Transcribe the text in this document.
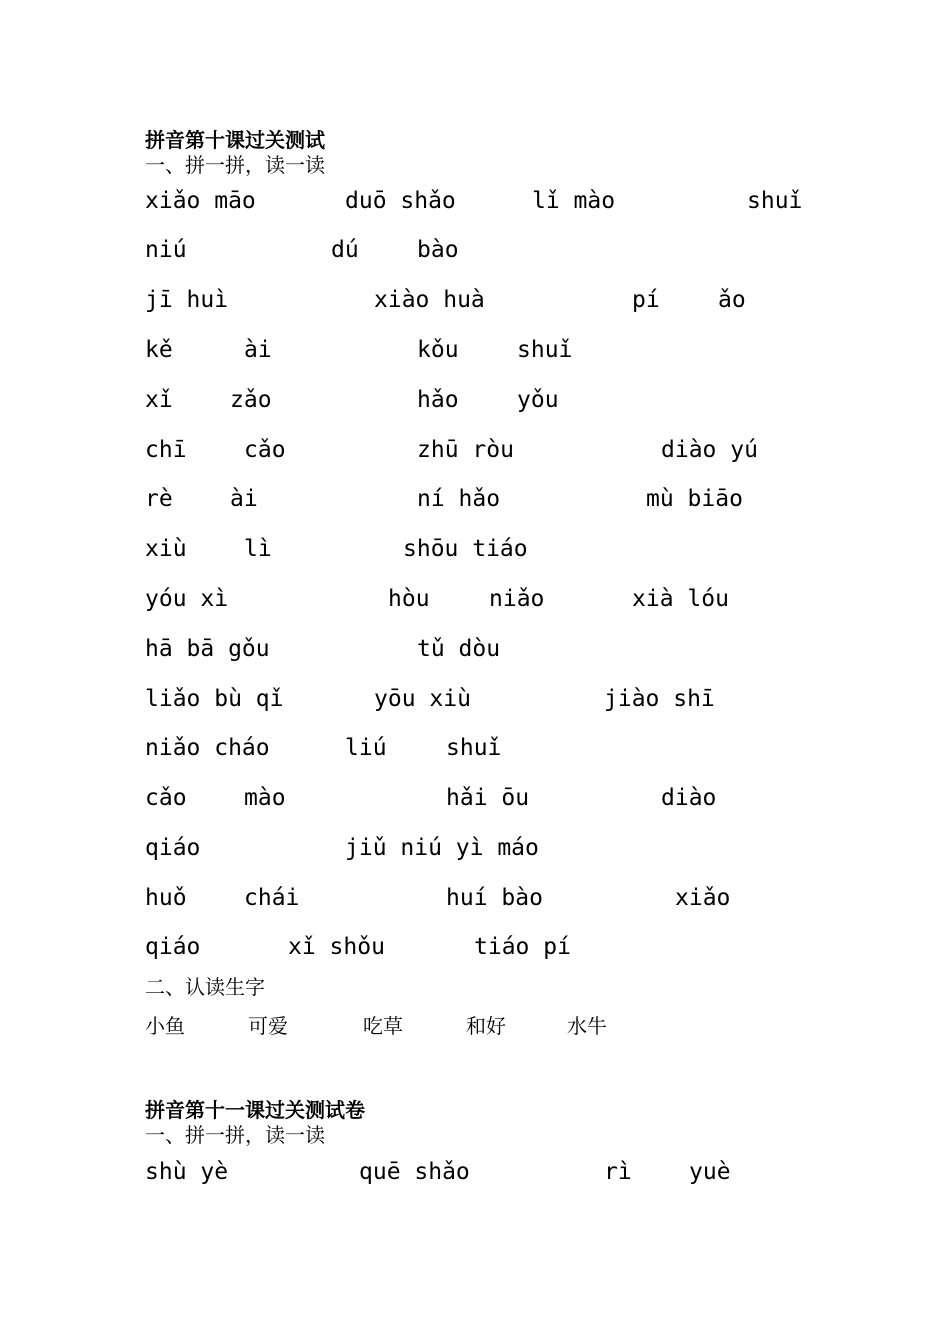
拼音第十课过关测试

一、拼一拼，读一读

xiǎo māo	duō shǎo	lǐ mào	shuǐ
niú	dú	bào
jī huì	xiào huà	pí	ǎo
kě	ài	kǒu	shuǐ
xǐ zǎo	hǎo	yǒu
chī cǎo	zhū ròu	diào yú
rè ài	ní hǎo	mù biāo
xiù lì	shōu tiáo
yóu xì	hòu	niǎo	xià lóu
hā bā gǒu	tǔ dòu
liǎo bù qǐ	yōu xiù	jiào shī
niǎo cháo	liú	shuǐ
cǎo mào	hǎi ōu	diào
qiáo	jiǔ niú yì máo
huǒ chái	huí bào	xiǎo
qiáo	xǐ shǒu	tiáo pí

二、认读生字

小鱼	可爱	吃草	和好	水牛
拼音第十一课过关测试卷

一、拼一拼，读一读

shù yè	quē shǎo	rì yuè
